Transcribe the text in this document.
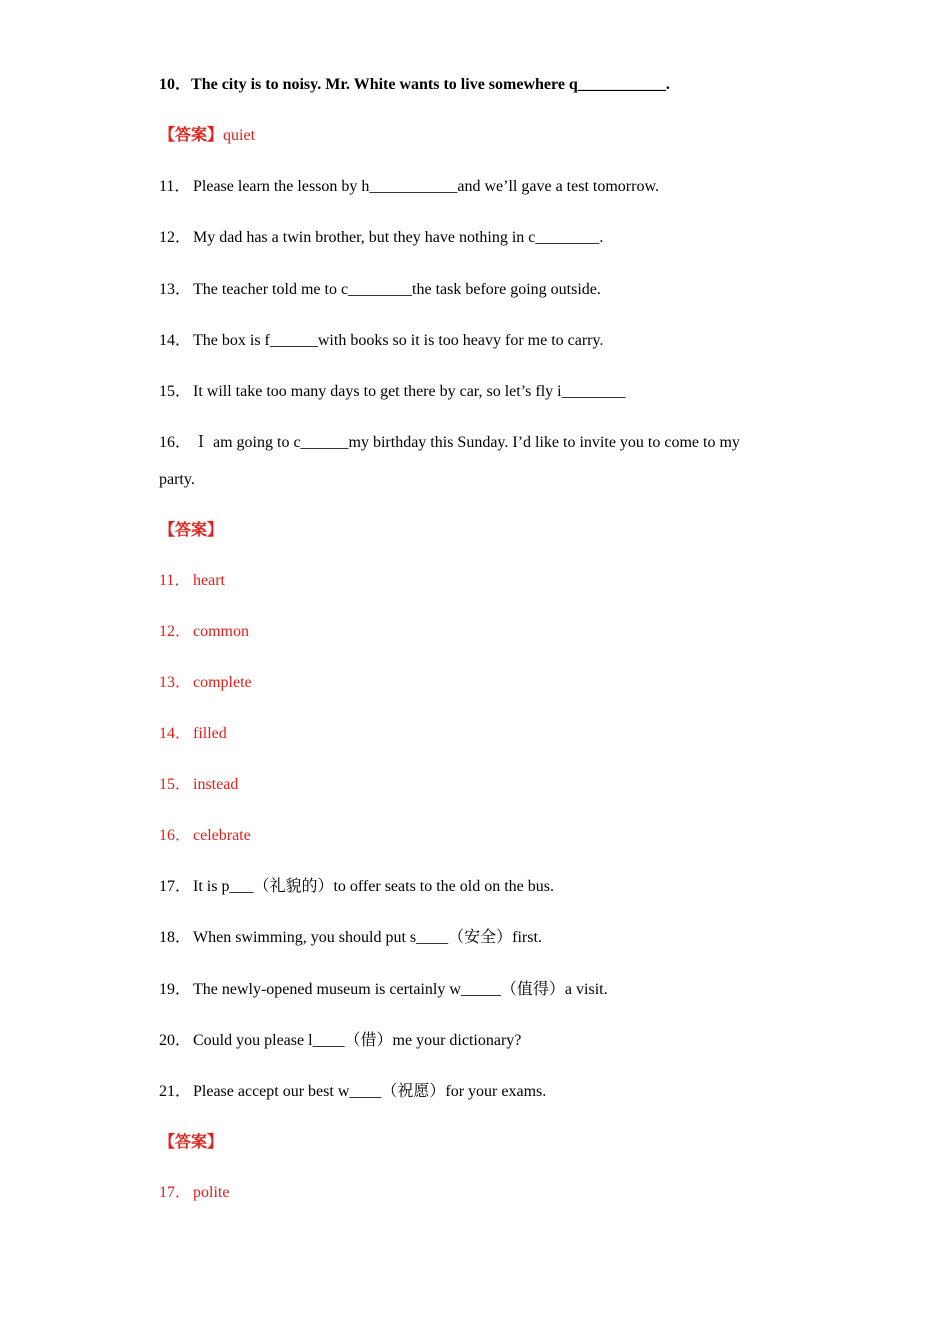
10．The city is to noisy. Mr. White wants to live somewhere q___________.
【答案】quiet
11． Please learn the lesson by h___________and we’ll gave a test tomorrow.
12． My dad has a twin brother, but they have nothing in c________.
13． The teacher told me to c________the task before going outside.
14． The box is f______with books so it is too heavy for me to carry.
15． It will take too many days to get there by car, so let’s fly i________
16． Ｉ am going to c______my birthday this Sunday. I’d like to invite you to come to my
party.
【答案】
11． heart
12． common
13． complete
14． filled
15． instead
16． celebrate
17． It is p___（礼貌的）to offer seats to the old on the bus.
18． When swimming, you should put s____（安全）first.
19． The newly-opened museum is certainly w_____（值得）a visit.
20． Could you please l____（借）me your dictionary?
21． Please accept our best w____（祝愿）for your exams.
【答案】
17． polite
